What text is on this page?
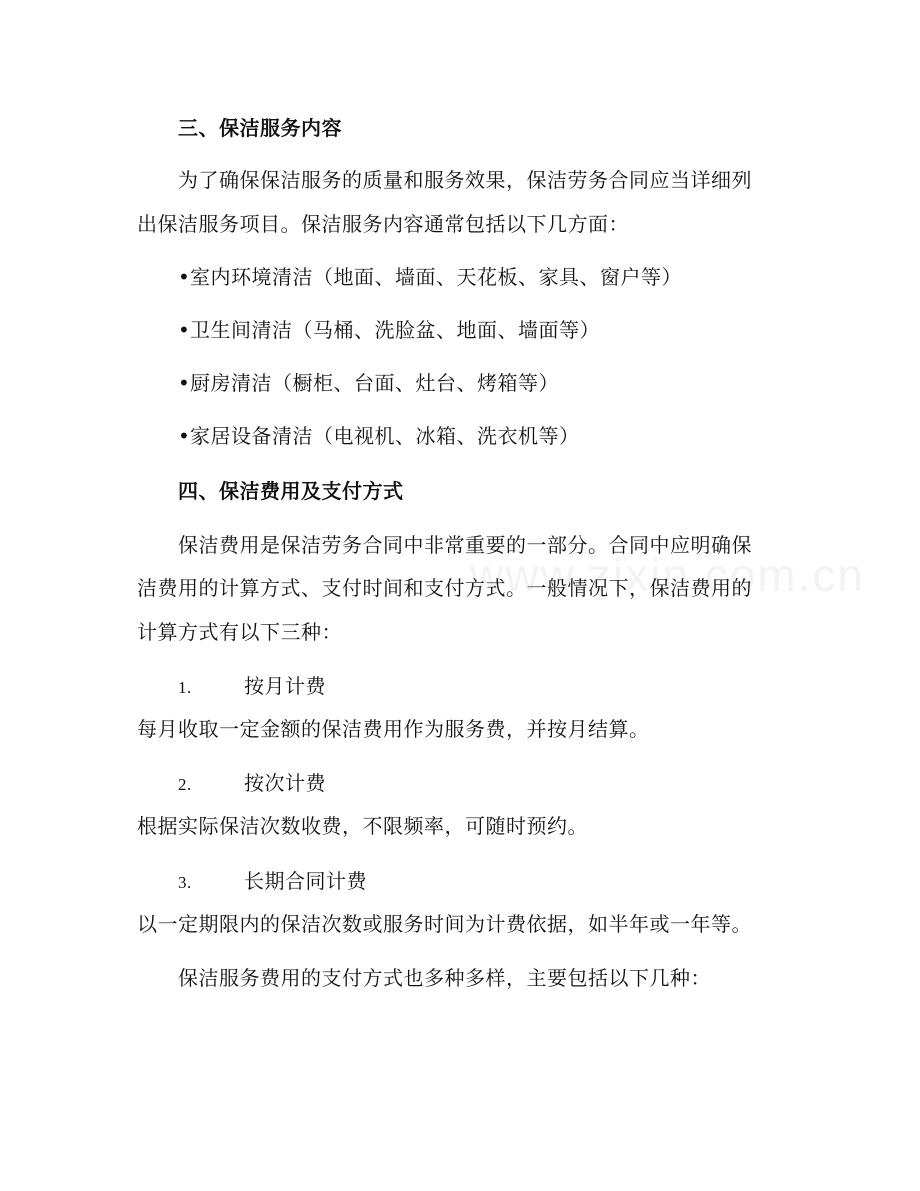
三、保洁服务内容
为了确保保洁服务的质量和服务效果，保洁劳务合同应当详细列
出保洁服务项目。保洁服务内容通常包括以下几方面：
•室内环境清洁（地面、墙面、天花板、家具、窗户等）
•卫生间清洁（马桶、洗脸盆、地面、墙面等）
•厨房清洁（橱柜、台面、灶台、烤箱等）
•家居设备清洁（电视机、冰箱、洗衣机等）
四、保洁费用及支付方式
保洁费用是保洁劳务合同中非常重要的一部分。合同中应明确保
洁费用的计算方式、支付时间和支付方式。一般情况下，保洁费用的
计算方式有以下三种：
1.	按月计费
每月收取一定金额的保洁费用作为服务费，并按月结算。
2.	按次计费
根据实际保洁次数收费，不限频率，可随时预约。
3.	长期合同计费
以一定期限内的保洁次数或服务时间为计费依据，如半年或一年等。
保洁服务费用的支付方式也多种多样，主要包括以下几种：
